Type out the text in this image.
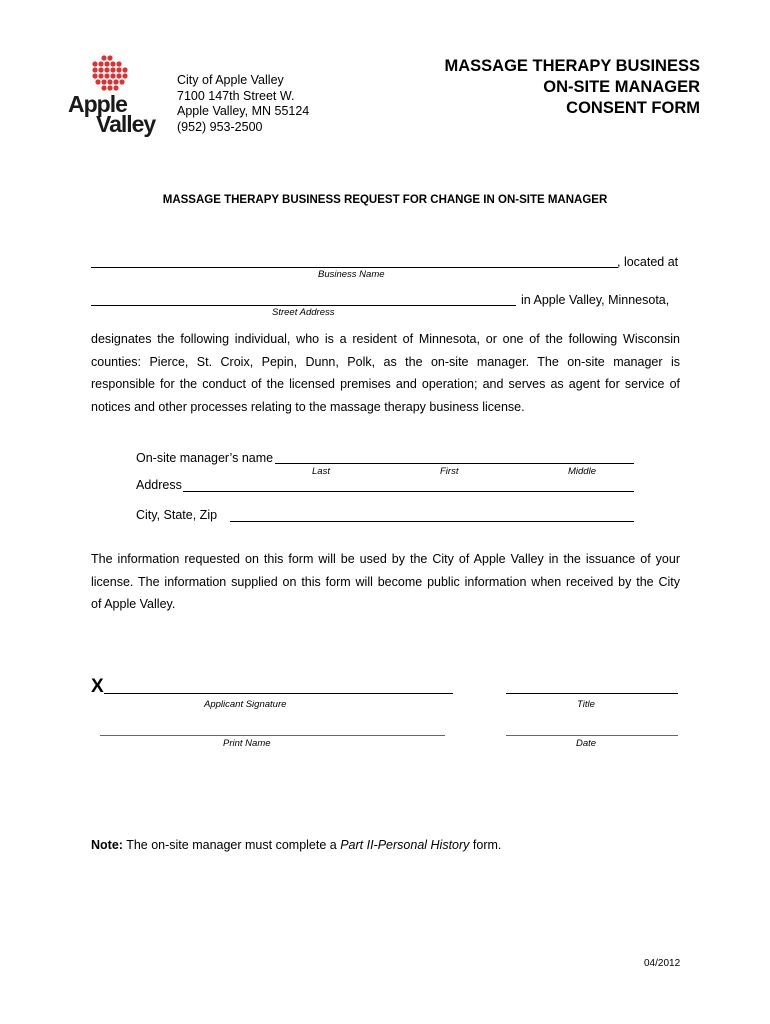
Apple
Valley
City of Apple Valley
7100 147th Street W.
Apple Valley, MN 55124
(952) 953-2500
MASSAGE THERAPY BUSINESS
ON-SITE MANAGER
CONSENT FORM
MASSAGE THERAPY BUSINESS REQUEST FOR CHANGE IN ON-SITE MANAGER
, located at
Business Name
in Apple Valley, Minnesota,
Street Address
designates the following individual, who is a resident of Minnesota, or one of the following Wisconsin
counties: Pierce, St. Croix, Pepin, Dunn, Polk, as the on-site manager. The on-site manager is
responsible for the conduct of the licensed premises and operation; and serves as agent for service of
notices and other processes relating to the massage therapy business license.
On-site manager’s name
Last	First	Middle
Address
City, State, Zip
The information requested on this form will be used by the City of Apple Valley in the issuance of your
license. The information supplied on this form will become public information when received by the City
of Apple Valley.
X
Applicant Signature	Title
Print Name	Date
Note: The on-site manager must complete a Part II-Personal History form.
04/2012
